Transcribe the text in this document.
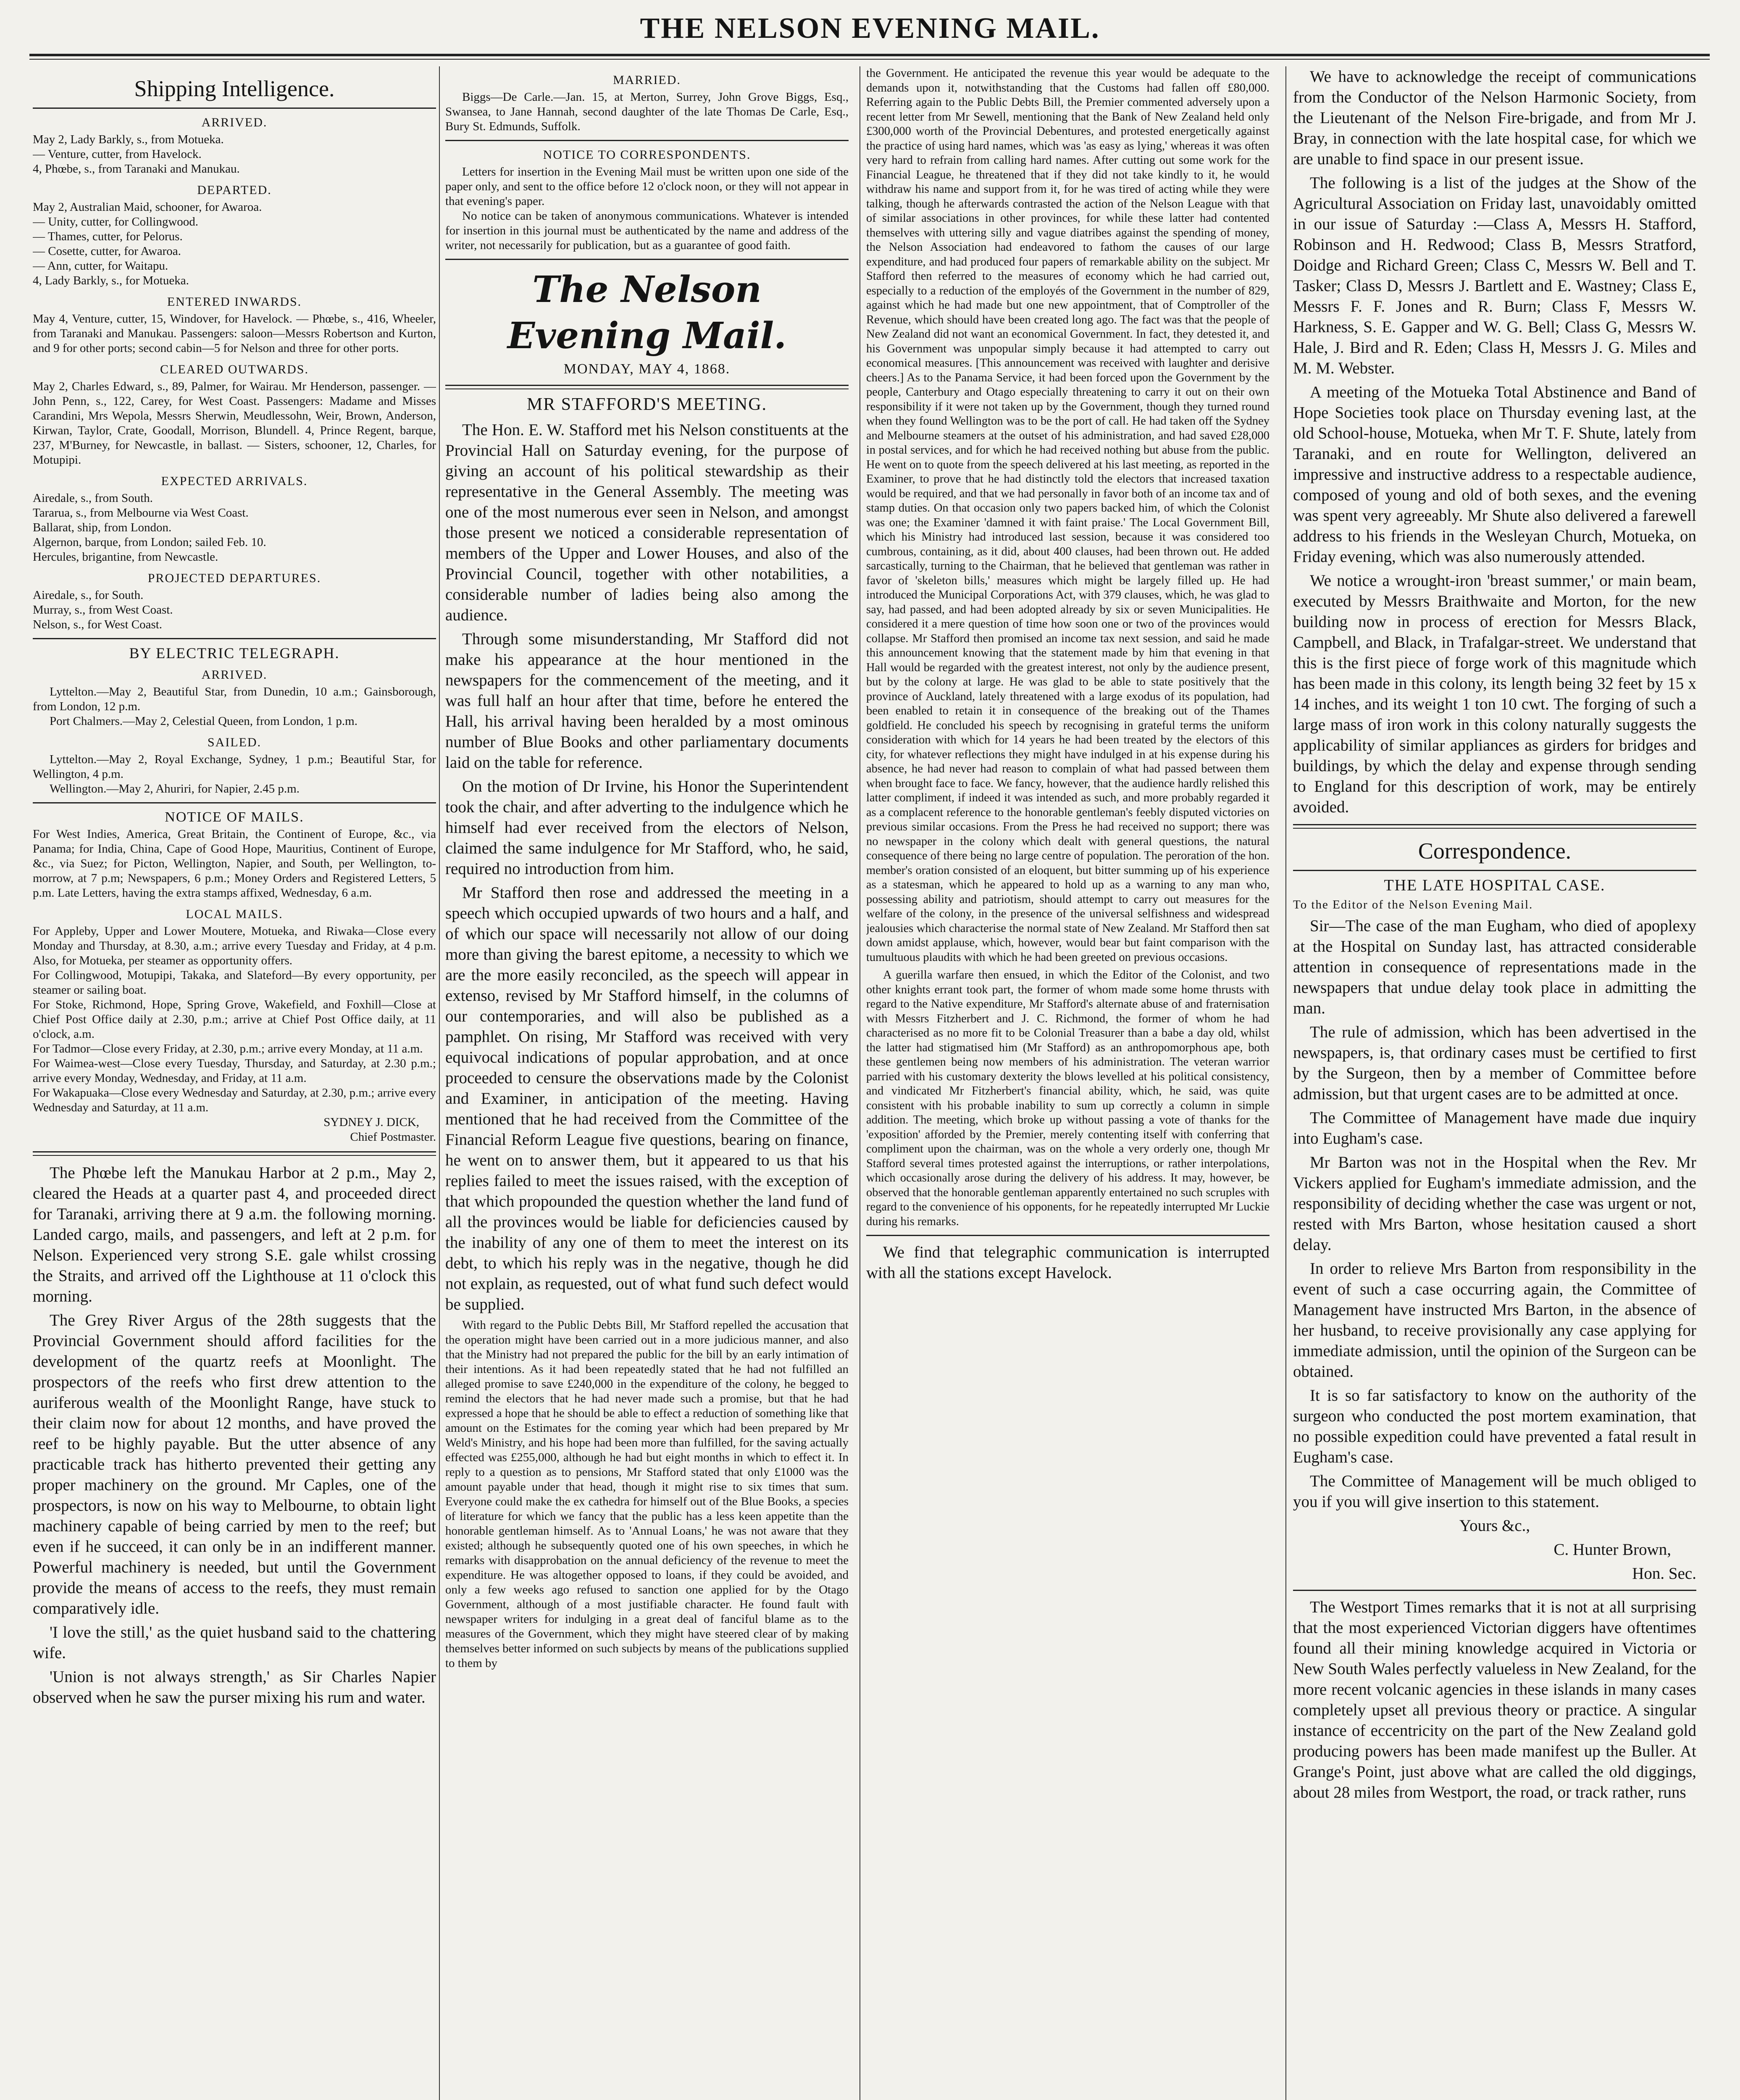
THE NELSON EVENING MAIL.
Shipping Intelligence.
ARRIVED.

May 2, Lady Barkly, s., from Motueka.

— Venture, cutter, from Havelock.

4, Phœbe, s., from Taranaki and Manukau.

DEPARTED.

May 2, Australian Maid, schooner, for Awaroa.

— Unity, cutter, for Collingwood.

— Thames, cutter, for Pelorus.

— Cosette, cutter, for Awaroa.

— Ann, cutter, for Waitapu.

4, Lady Barkly, s., for Motueka.

ENTERED INWARDS.

May 4, Venture, cutter, 15, Windover, for Havelock. — Phœbe, s., 416, Wheeler, from Taranaki and Manukau. Passengers: saloon—Messrs Robertson and Kurton, and 9 for other ports; second cabin—5 for Nelson and three for other ports.

CLEARED OUTWARDS.

May 2, Charles Edward, s., 89, Palmer, for Wairau. Mr Henderson, passenger. — John Penn, s., 122, Carey, for West Coast. Passengers: Madame and Misses Carandini, Mrs Wepola, Messrs Sherwin, Meudlessohn, Weir, Brown, Anderson, Kirwan, Taylor, Crate, Goodall, Morrison, Blundell. 4, Prince Regent, barque, 237, M'Burney, for Newcastle, in ballast. — Sisters, schooner, 12, Charles, for Motupipi.

EXPECTED ARRIVALS.

Airedale, s., from South.

Tararua, s., from Melbourne via West Coast.

Ballarat, ship, from London.

Algernon, barque, from London; sailed Feb. 10.

Hercules, brigantine, from Newcastle.

PROJECTED DEPARTURES.

Airedale, s., for South.

Murray, s., from West Coast.

Nelson, s., for West Coast.

BY ELECTRIC TELEGRAPH.
ARRIVED.

Lyttelton.—May 2, Beautiful Star, from Dunedin, 10 a.m.; Gainsborough, from London, 12 p.m.

Port Chalmers.—May 2, Celestial Queen, from London, 1 p.m.

SAILED.

Lyttelton.—May 2, Royal Exchange, Sydney, 1 p.m.; Beautiful Star, for Wellington, 4 p.m.

Wellington.—May 2, Ahuriri, for Napier, 2.45 p.m.

NOTICE OF MAILS.

For West Indies, America, Great Britain, the Continent of Europe, &c., via Panama; for India, China, Cape of Good Hope, Mauritius, Continent of Europe, &c., via Suez; for Picton, Wellington, Napier, and South, per Wellington, to-morrow, at 7 p.m; Newspapers, 6 p.m.; Money Orders and Registered Letters, 5 p.m. Late Letters, having the extra stamps affixed, Wednesday, 6 a.m.

LOCAL MAILS.

For Appleby, Upper and Lower Moutere, Motueka, and Riwaka—Close every Monday and Thursday, at 8.30, a.m.; arrive every Tuesday and Friday, at 4 p.m. Also, for Motueka, per steamer as opportunity offers.

For Collingwood, Motupipi, Takaka, and Slateford—By every opportunity, per steamer or sailing boat.

For Stoke, Richmond, Hope, Spring Grove, Wakefield, and Foxhill—Close at Chief Post Office daily at 2.30, p.m.; arrive at Chief Post Office daily, at 11 o'clock, a.m.

For Tadmor—Close every Friday, at 2.30, p.m.; arrive every Monday, at 11 a.m.

For Waimea-west—Close every Tuesday, Thursday, and Saturday, at 2.30 p.m.; arrive every Monday, Wednesday, and Friday, at 11 a.m.

For Wakapuaka—Close every Wednesday and Saturday, at 2.30, p.m.; arrive every Wednesday and Saturday, at 11 a.m.

SYDNEY J. DICK,

Chief Postmaster.

The Phœbe left the Manukau Harbor at 2 p.m., May 2, cleared the Heads at a quarter past 4, and proceeded direct for Taranaki, arriving there at 9 a.m. the following morning. Landed cargo, mails, and passengers, and left at 2 p.m. for Nelson. Experienced very strong S.E. gale whilst crossing the Straits, and arrived off the Lighthouse at 11 o'clock this morning.

The Grey River Argus of the 28th suggests that the Provincial Government should afford facilities for the development of the quartz reefs at Moonlight. The prospectors of the reefs who first drew attention to the auriferous wealth of the Moonlight Range, have stuck to their claim now for about 12 months, and have proved the reef to be highly payable. But the utter absence of any practicable track has hitherto prevented their getting any proper machinery on the ground. Mr Caples, one of the prospectors, is now on his way to Melbourne, to obtain light machinery capable of being carried by men to the reef; but even if he succeed, it can only be in an indifferent manner. Powerful machinery is needed, but until the Government provide the means of access to the reefs, they must remain comparatively idle.

'I love the still,' as the quiet husband said to the chattering wife.

'Union is not always strength,' as Sir Charles Napier observed when he saw the purser mixing his rum and water.

MARRIED.

Biggs—De Carle.—Jan. 15, at Merton, Surrey, John Grove Biggs, Esq., Swansea, to Jane Hannah, second daughter of the late Thomas De Carle, Esq., Bury St. Edmunds, Suffolk.

NOTICE TO CORRESPONDENTS.

Letters for insertion in the Evening Mail must be written upon one side of the paper only, and sent to the office before 12 o'clock noon, or they will not appear in that evening's paper.

No notice can be taken of anonymous communications. Whatever is intended for insertion in this journal must be authenticated by the name and address of the writer, not necessarily for publication, but as a guarantee of good faith.

The Nelson Evening Mail.
MONDAY, MAY 4, 1868.
MR STAFFORD'S MEETING.

The Hon. E. W. Stafford met his Nelson constituents at the Provincial Hall on Saturday evening, for the purpose of giving an account of his political stewardship as their representative in the General Assembly. The meeting was one of the most numerous ever seen in Nelson, and amongst those present we noticed a considerable representation of members of the Upper and Lower Houses, and also of the Provincial Council, together with other notabilities, a considerable number of ladies being also among the audience.

Through some misunderstanding, Mr Stafford did not make his appearance at the hour mentioned in the newspapers for the commencement of the meeting, and it was full half an hour after that time, before he entered the Hall, his arrival having been heralded by a most ominous number of Blue Books and other parliamentary documents laid on the table for reference.

On the motion of Dr Irvine, his Honor the Superintendent took the chair, and after adverting to the indulgence which he himself had ever received from the electors of Nelson, claimed the same indulgence for Mr Stafford, who, he said, required no introduction from him.

Mr Stafford then rose and addressed the meeting in a speech which occupied upwards of two hours and a half, and of which our space will necessarily not allow of our doing more than giving the barest epitome, a necessity to which we are the more easily reconciled, as the speech will appear in extenso, revised by Mr Stafford himself, in the columns of our contemporaries, and will also be published as a pamphlet. On rising, Mr Stafford was received with very equivocal indications of popular approbation, and at once proceeded to censure the observations made by the Colonist and Examiner, in anticipation of the meeting. Having mentioned that he had received from the Committee of the Financial Reform League five questions, bearing on finance, he went on to answer them, but it appeared to us that his replies failed to meet the issues raised, with the exception of that which propounded the question whether the land fund of all the provinces would be liable for deficiencies caused by the inability of any one of them to meet the interest on its debt, to which his reply was in the negative, though he did not explain, as requested, out of what fund such defect would be supplied.

With regard to the Public Debts Bill, Mr Stafford repelled the accusation that the operation might have been carried out in a more judicious manner, and also that the Ministry had not prepared the public for the bill by an early intimation of their intentions. As it had been repeatedly stated that he had not fulfilled an alleged promise to save £240,000 in the expenditure of the colony, he begged to remind the electors that he had never made such a promise, but that he had expressed a hope that he should be able to effect a reduction of something like that amount on the Estimates for the coming year which had been prepared by Mr Weld's Ministry, and his hope had been more than fulfilled, for the saving actually effected was £255,000, although he had but eight months in which to effect it. In reply to a question as to pensions, Mr Stafford stated that only £1000 was the amount payable under that head, though it might rise to six times that sum. Everyone could make the ex cathedra for himself out of the Blue Books, a species of literature for which we fancy that the public has a less keen appetite than the honorable gentleman himself. As to 'Annual Loans,' he was not aware that they existed; although he subsequently quoted one of his own speeches, in which he remarks with disapprobation on the annual deficiency of the revenue to meet the expenditure. He was altogether opposed to loans, if they could be avoided, and only a few weeks ago refused to sanction one applied for by the Otago Government, although of a most justifiable character. He found fault with newspaper writers for indulging in a great deal of fanciful blame as to the measures of the Government, which they might have steered clear of by making themselves better informed on such subjects by means of the publications supplied to them by

the Government. He anticipated the revenue this year would be adequate to the demands upon it, notwithstanding that the Customs had fallen off £80,000. Referring again to the Public Debts Bill, the Premier commented adversely upon a recent letter from Mr Sewell, mentioning that the Bank of New Zealand held only £300,000 worth of the Provincial Debentures, and protested energetically against the practice of using hard names, which was 'as easy as lying,' whereas it was often very hard to refrain from calling hard names. After cutting out some work for the Financial League, he threatened that if they did not take kindly to it, he would withdraw his name and support from it, for he was tired of acting while they were talking, though he afterwards contrasted the action of the Nelson League with that of similar associations in other provinces, for while these latter had contented themselves with uttering silly and vague diatribes against the spending of money, the Nelson Association had endeavored to fathom the causes of our large expenditure, and had produced four papers of remarkable ability on the subject. Mr Stafford then referred to the measures of economy which he had carried out, especially to a reduction of the employés of the Government in the number of 829, against which he had made but one new appointment, that of Comptroller of the Revenue, which should have been created long ago. The fact was that the people of New Zealand did not want an economical Government. In fact, they detested it, and his Government was unpopular simply because it had attempted to carry out economical measures. [This announcement was received with laughter and derisive cheers.] As to the Panama Service, it had been forced upon the Government by the people, Canterbury and Otago especially threatening to carry it out on their own responsibility if it were not taken up by the Government, though they turned round when they found Wellington was to be the port of call. He had taken off the Sydney and Melbourne steamers at the outset of his administration, and had saved £28,000 in postal services, and for which he had received nothing but abuse from the public. He went on to quote from the speech delivered at his last meeting, as reported in the Examiner, to prove that he had distinctly told the electors that increased taxation would be required, and that we had personally in favor both of an income tax and of stamp duties. On that occasion only two papers backed him, of which the Colonist was one; the Examiner 'damned it with faint praise.' The Local Government Bill, which his Ministry had introduced last session, because it was considered too cumbrous, containing, as it did, about 400 clauses, had been thrown out. He added sarcastically, turning to the Chairman, that he believed that gentleman was rather in favor of 'skeleton bills,' measures which might be largely filled up. He had introduced the Municipal Corporations Act, with 379 clauses, which, he was glad to say, had passed, and had been adopted already by six or seven Municipalities. He considered it a mere question of time how soon one or two of the provinces would collapse. Mr Stafford then promised an income tax next session, and said he made this announcement knowing that the statement made by him that evening in that Hall would be regarded with the greatest interest, not only by the audience present, but by the colony at large. He was glad to be able to state positively that the province of Auckland, lately threatened with a large exodus of its population, had been enabled to retain it in consequence of the breaking out of the Thames goldfield. He concluded his speech by recognising in grateful terms the uniform consideration with which for 14 years he had been treated by the electors of this city, for whatever reflections they might have indulged in at his expense during his absence, he had never had reason to complain of what had passed between them when brought face to face. We fancy, however, that the audience hardly relished this latter compliment, if indeed it was intended as such, and more probably regarded it as a complacent reference to the honorable gentleman's feebly disputed victories on previous similar occasions. From the Press he had received no support; there was no newspaper in the colony which dealt with general questions, the natural consequence of there being no large centre of population. The peroration of the hon. member's oration consisted of an eloquent, but bitter summing up of his experience as a statesman, which he appeared to hold up as a warning to any man who, possessing ability and patriotism, should attempt to carry out measures for the welfare of the colony, in the presence of the universal selfishness and widespread jealousies which characterise the normal state of New Zealand. Mr Stafford then sat down amidst applause, which, however, would bear but faint comparison with the tumultuous plaudits with which he had been greeted on previous occasions.

A guerilla warfare then ensued, in which the Editor of the Colonist, and two other knights errant took part, the former of whom made some home thrusts with regard to the Native expenditure, Mr Stafford's alternate abuse of and fraternisation with Messrs Fitzherbert and J. C. Richmond, the former of whom he had characterised as no more fit to be Colonial Treasurer than a babe a day old, whilst the latter had stigmatised him (Mr Stafford) as an anthropomorphous ape, both these gentlemen being now members of his administration. The veteran warrior parried with his customary dexterity the blows levelled at his political consistency, and vindicated Mr Fitzherbert's financial ability, which, he said, was quite consistent with his probable inability to sum up correctly a column in simple addition. The meeting, which broke up without passing a vote of thanks for the 'exposition' afforded by the Premier, merely contenting itself with conferring that compliment upon the chairman, was on the whole a very orderly one, though Mr Stafford several times protested against the interruptions, or rather interpolations, which occasionally arose during the delivery of his address. It may, however, be observed that the honorable gentleman apparently entertained no such scruples with regard to the convenience of his opponents, for he repeatedly interrupted Mr Luckie during his remarks.

We find that telegraphic communication is interrupted with all the stations except Havelock.

We have to acknowledge the receipt of communications from the Conductor of the Nelson Harmonic Society, from the Lieutenant of the Nelson Fire-brigade, and from Mr J. Bray, in connection with the late hospital case, for which we are unable to find space in our present issue.

The following is a list of the judges at the Show of the Agricultural Association on Friday last, unavoidably omitted in our issue of Saturday :—Class A, Messrs H. Stafford, Robinson and H. Redwood; Class B, Messrs Stratford, Doidge and Richard Green; Class C, Messrs W. Bell and T. Tasker; Class D, Messrs J. Bartlett and E. Wastney; Class E, Messrs F. F. Jones and R. Burn; Class F, Messrs W. Harkness, S. E. Gapper and W. G. Bell; Class G, Messrs W. Hale, J. Bird and R. Eden; Class H, Messrs J. G. Miles and M. M. Webster.

A meeting of the Motueka Total Abstinence and Band of Hope Societies took place on Thursday evening last, at the old School-house, Motueka, when Mr T. F. Shute, lately from Taranaki, and en route for Wellington, delivered an impressive and instructive address to a respectable audience, composed of young and old of both sexes, and the evening was spent very agreeably. Mr Shute also delivered a farewell address to his friends in the Wesleyan Church, Motueka, on Friday evening, which was also numerously attended.

We notice a wrought-iron 'breast summer,' or main beam, executed by Messrs Braithwaite and Morton, for the new building now in process of erection for Messrs Black, Campbell, and Black, in Trafalgar-street. We understand that this is the first piece of forge work of this magnitude which has been made in this colony, its length being 32 feet by 15 x 14 inches, and its weight 1 ton 10 cwt. The forging of such a large mass of iron work in this colony naturally suggests the applicability of similar appliances as girders for bridges and buildings, by which the delay and expense through sending to England for this description of work, may be entirely avoided.

Correspondence.
THE LATE HOSPITAL CASE.
To the Editor of the Nelson Evening Mail.

Sir—The case of the man Eugham, who died of apoplexy at the Hospital on Sunday last, has attracted considerable attention in consequence of representations made in the newspapers that undue delay took place in admitting the man.

The rule of admission, which has been advertised in the newspapers, is, that ordinary cases must be certified to first by the Surgeon, then by a member of Committee before admission, but that urgent cases are to be admitted at once.

The Committee of Management have made due inquiry into Eugham's case.

Mr Barton was not in the Hospital when the Rev. Mr Vickers applied for Eugham's immediate admission, and the responsibility of deciding whether the case was urgent or not, rested with Mrs Barton, whose hesitation caused a short delay.

In order to relieve Mrs Barton from responsibility in the event of such a case occurring again, the Committee of Management have instructed Mrs Barton, in the absence of her husband, to receive provisionally any case applying for immediate admission, until the opinion of the Surgeon can be obtained.

It is so far satisfactory to know on the authority of the surgeon who conducted the post mortem examination, that no possible expedition could have prevented a fatal result in Eugham's case.

The Committee of Management will be much obliged to you if you will give insertion to this statement.

Yours &c.,

C. Hunter Brown,

Hon. Sec.

The Westport Times remarks that it is not at all surprising that the most experienced Victorian diggers have oftentimes found all their mining knowledge acquired in Victoria or New South Wales perfectly valueless in New Zealand, for the more recent volcanic agencies in these islands in many cases completely upset all previous theory or practice. A singular instance of eccentricity on the part of the New Zealand gold producing powers has been made manifest up the Buller. At Grange's Point, just above what are called the old diggings, about 28 miles from Westport, the road, or track rather, runs
